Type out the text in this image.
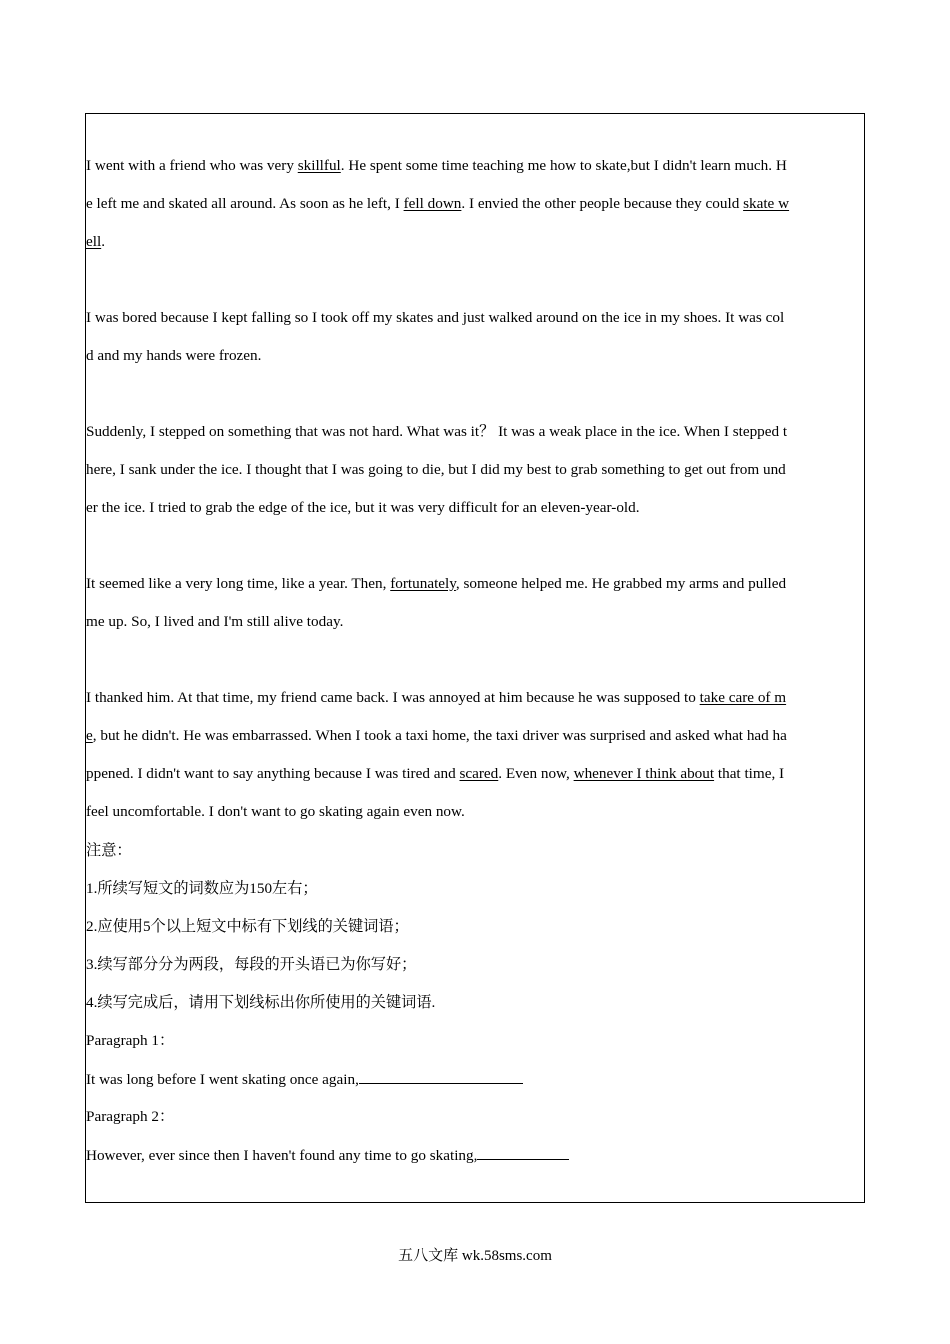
I went with a friend who was very skillful. He spent some time teaching me how to skate,but I didn't learn much. H
e left me and skated all around. As soon as he left, I fell down. I envied the other people because they could skate w
ell.
I was bored because I kept falling so I took off my skates and just walked around on the ice in my shoes. It was col
d and my hands were frozen.
Suddenly, I stepped on something that was not hard. What was it？ It was a weak place in the ice. When I stepped t
here, I sank under the ice. I thought that I was going to die, but I did my best to grab something to get out from und
er the ice. I tried to grab the edge of the ice, but it was very difficult for an eleven-year-old.
It seemed like a very long time, like a year. Then, fortunately, someone helped me. He grabbed my arms and pulled
me up. So, I lived and I'm still alive today.
I thanked him. At that time, my friend came back. I was annoyed at him because he was supposed to take care of m
e, but he didn't. He was embarrassed. When I took a taxi home, the taxi driver was surprised and asked what had ha
ppened. I didn't want to say anything because I was tired and scared. Even now, whenever I think about that time, I
feel uncomfortable. I don't want to go skating again even now.
注意：
1.所续写短文的词数应为150左右；
2.应使用5个以上短文中标有下划线的关键词语；
3.续写部分分为两段，每段的开头语已为你写好；
4.续写完成后，请用下划线标出你所使用的关键词语.
Paragraph 1：
It was long before I went skating once again,
Paragraph 2：
However, ever since then I haven't found any time to go skating,
五八文库 wk.58sms.com
